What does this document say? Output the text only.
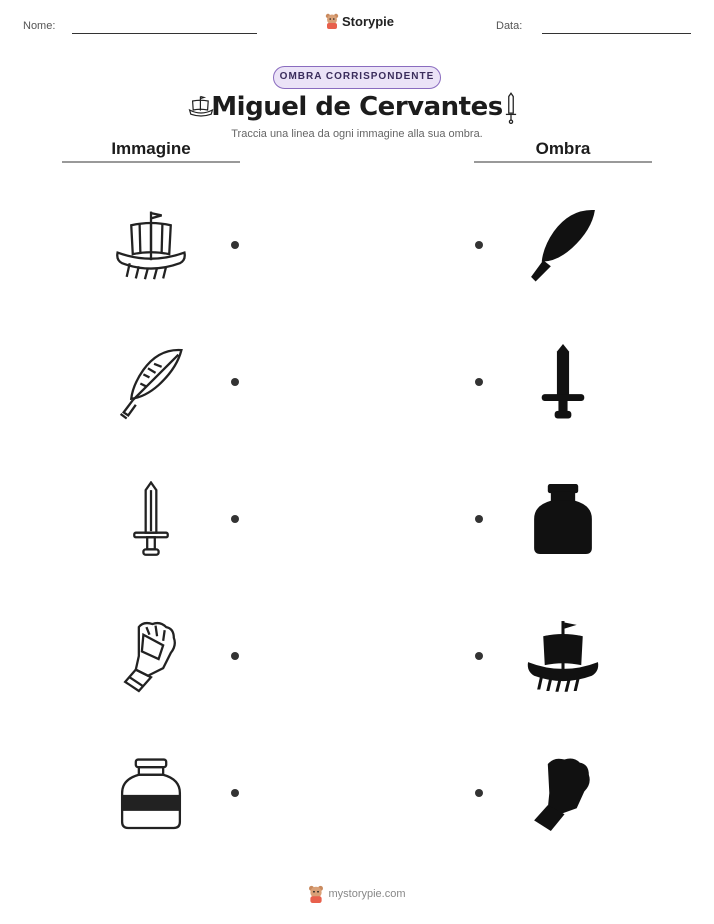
Nome:	Storypie	Data:
OMBRA CORRISPONDENTE
Miguel de Cervantes
Traccia una linea da ogni immagine alla sua ombra.
Immagine	Ombra
mystorypie.com
